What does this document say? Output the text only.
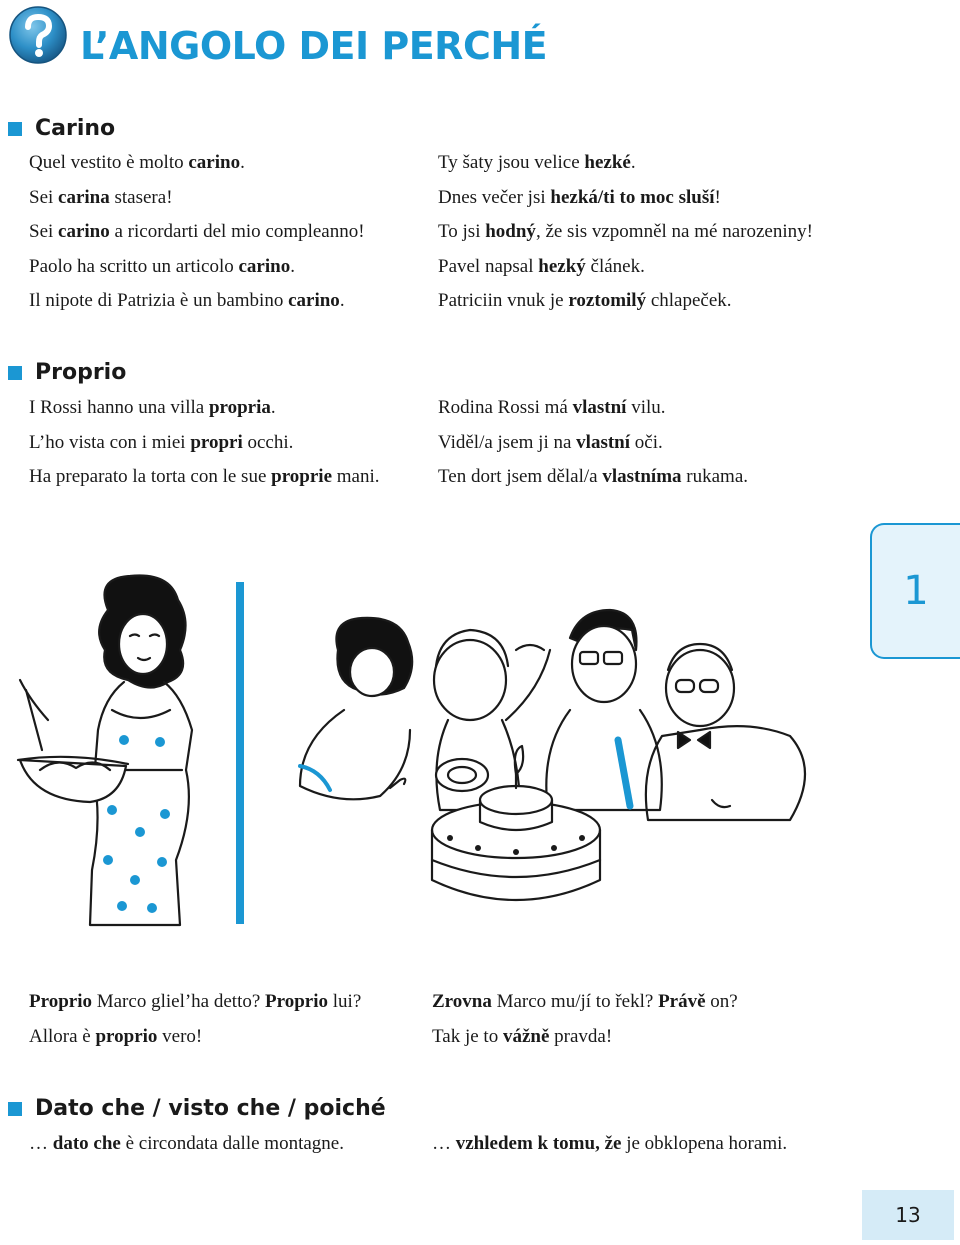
L’ANGOLO DEI PERCHÉ
Carino
Quel vestito è molto carino.
Sei carina stasera!
Sei carino a ricordarti del mio compleanno!
Paolo ha scritto un articolo carino.
Il nipote di Patrizia è un bambino carino.
Ty šaty jsou velice hezké.
Dnes večer jsi hezká/ti to moc sluší!
To jsi hodný, že sis vzpomněl na mé narozeniny!
Pavel napsal hezký článek.
Patriciin vnuk je roztomilý chlapeček.
Proprio
I Rossi hanno una villa propria.
L’ho vista con i miei propri occhi.
Ha preparato la torta con le sue proprie mani.
Rodina Rossi má vlastní vilu.
Viděl/a jsem ji na vlastní oči.
Ten dort jsem dělal/a vlastníma rukama.
1
Proprio Marco gliel’ha detto? Proprio lui?
Allora è proprio vero!
Zrovna Marco mu/jí to řekl? Právě on?
Tak je to vážně pravda!
Dato che / visto che / poiché
… dato che è circondata dalle montagne.	… vzhledem k tomu, že je obklopena horami.
13
